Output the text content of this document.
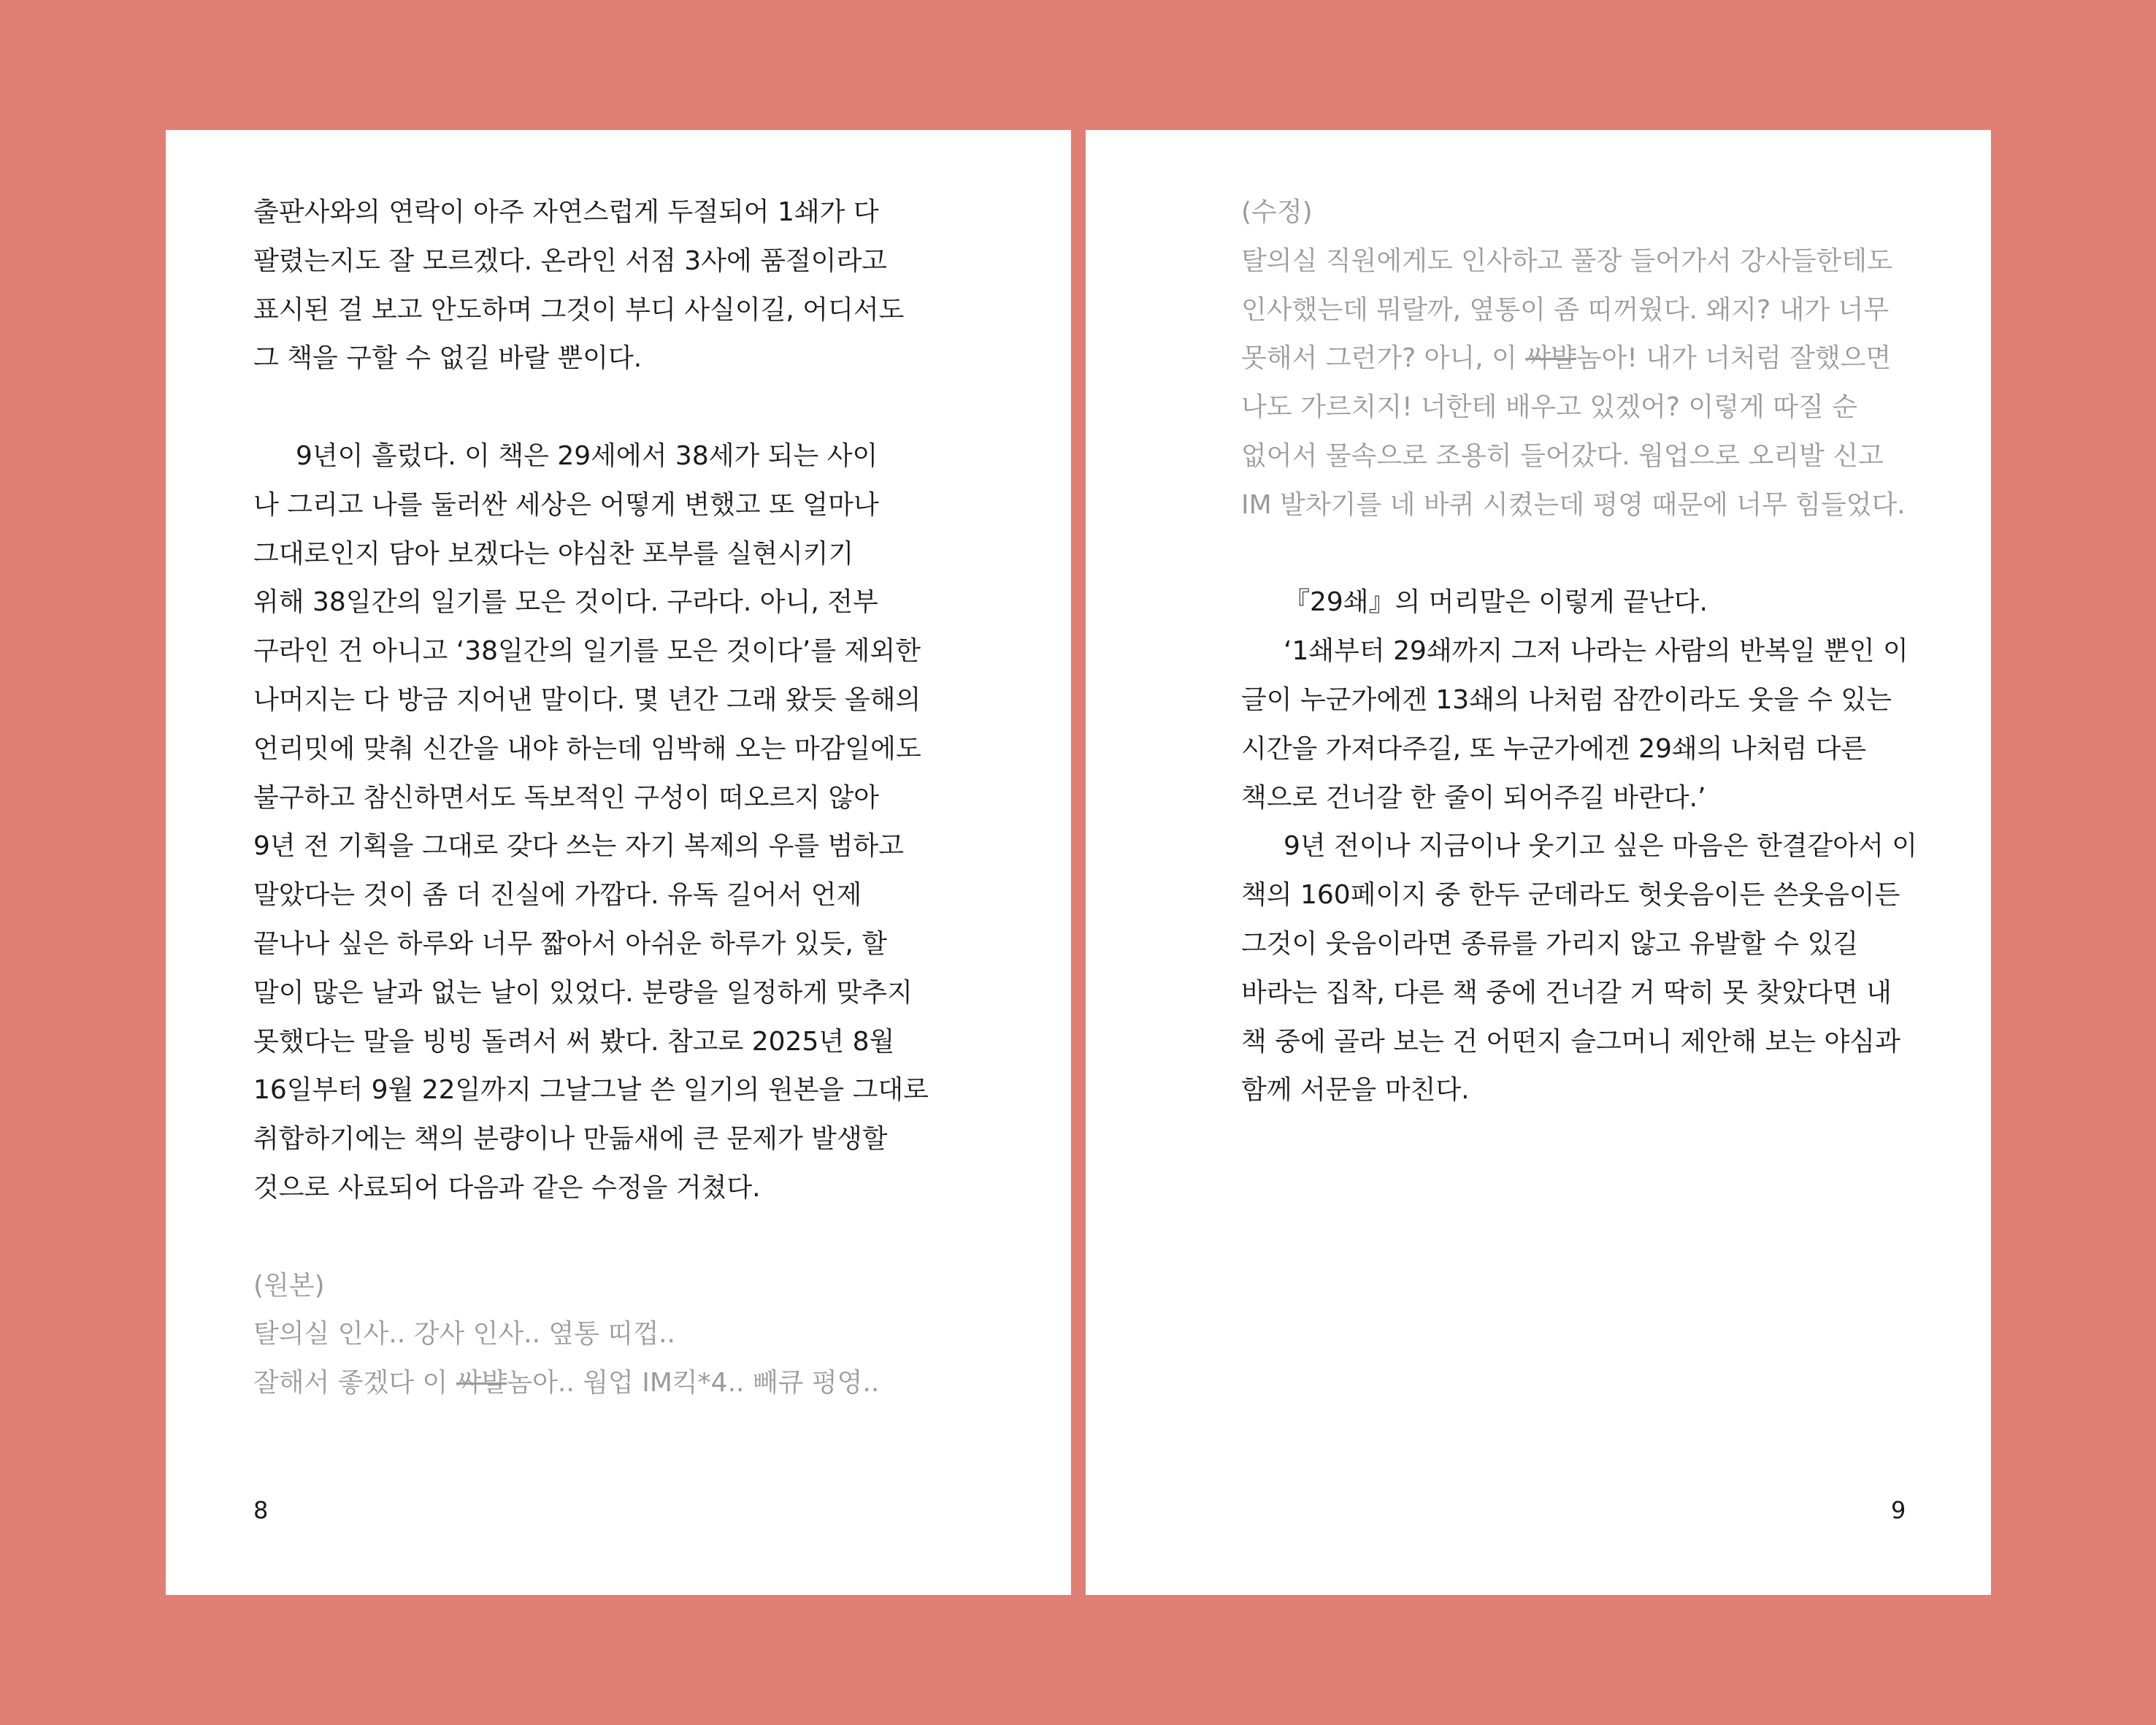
출판사와의 연락이 아주 자연스럽게 두절되어 1쇄가 다
팔렸는지도 잘 모르겠다. 온라인 서점 3사에 품절이라고
표시된 걸 보고 안도하며 그것이 부디 사실이길, 어디서도
그 책을 구할 수 없길 바랄 뿐이다.
9년이 흘렀다. 이 책은 29세에서 38세가 되는 사이
나 그리고 나를 둘러싼 세상은 어떻게 변했고 또 얼마나
그대로인지 담아 보겠다는 야심찬 포부를 실현시키기
위해 38일간의 일기를 모은 것이다. 구라다. 아니, 전부
구라인 건 아니고 ‘38일간의 일기를 모은 것이다’를 제외한
나머지는 다 방금 지어낸 말이다. 몇 년간 그래 왔듯 올해의
언리밋에 맞춰 신간을 내야 하는데 임박해 오는 마감일에도
불구하고 참신하면서도 독보적인 구성이 떠오르지 않아
9년 전 기획을 그대로 갖다 쓰는 자기 복제의 우를 범하고
말았다는 것이 좀 더 진실에 가깝다. 유독 길어서 언제
끝나나 싶은 하루와 너무 짧아서 아쉬운 하루가 있듯, 할
말이 많은 날과 없는 날이 있었다. 분량을 일정하게 맞추지
못했다는 말을 빙빙 돌려서 써 봤다. 참고로 2025년 8월
16일부터 9월 22일까지 그날그날 쓴 일기의 원본을 그대로
취합하기에는 책의 분량이나 만듦새에 큰 문제가 발생할
것으로 사료되어 다음과 같은 수정을 거쳤다.
(원본)
탈의실 인사.. 강사 인사.. 옆통 띠껍..
잘해서 좋겠다 이 쌰뱔놈아.. 웜업 IM킥*4.. 빼큐 평영..
(수정)
탈의실 직원에게도 인사하고 풀장 들어가서 강사들한테도
인사했는데 뭐랄까, 옆통이 좀 띠꺼웠다. 왜지? 내가 너무
못해서 그런가? 아니, 이 쌰뱔놈아! 내가 너처럼 잘했으면
나도 가르치지! 너한테 배우고 있겠어? 이렇게 따질 순
없어서 물속으로 조용히 들어갔다. 웜업으로 오리발 신고
IM 발차기를 네 바퀴 시켰는데 평영 때문에 너무 힘들었다.
『29쇄』의 머리말은 이렇게 끝난다.
‘1쇄부터 29쇄까지 그저 나라는 사람의 반복일 뿐인 이
글이 누군가에겐 13쇄의 나처럼 잠깐이라도 웃을 수 있는
시간을 가져다주길, 또 누군가에겐 29쇄의 나처럼 다른
책으로 건너갈 한 줄이 되어주길 바란다.’
9년 전이나 지금이나 웃기고 싶은 마음은 한결같아서 이
책의 160페이지 중 한두 군데라도 헛웃음이든 쓴웃음이든
그것이 웃음이라면 종류를 가리지 않고 유발할 수 있길
바라는 집착, 다른 책 중에 건너갈 거 딱히 못 찾았다면 내
책 중에 골라 보는 건 어떤지 슬그머니 제안해 보는 야심과
함께 서문을 마친다.
8	9
